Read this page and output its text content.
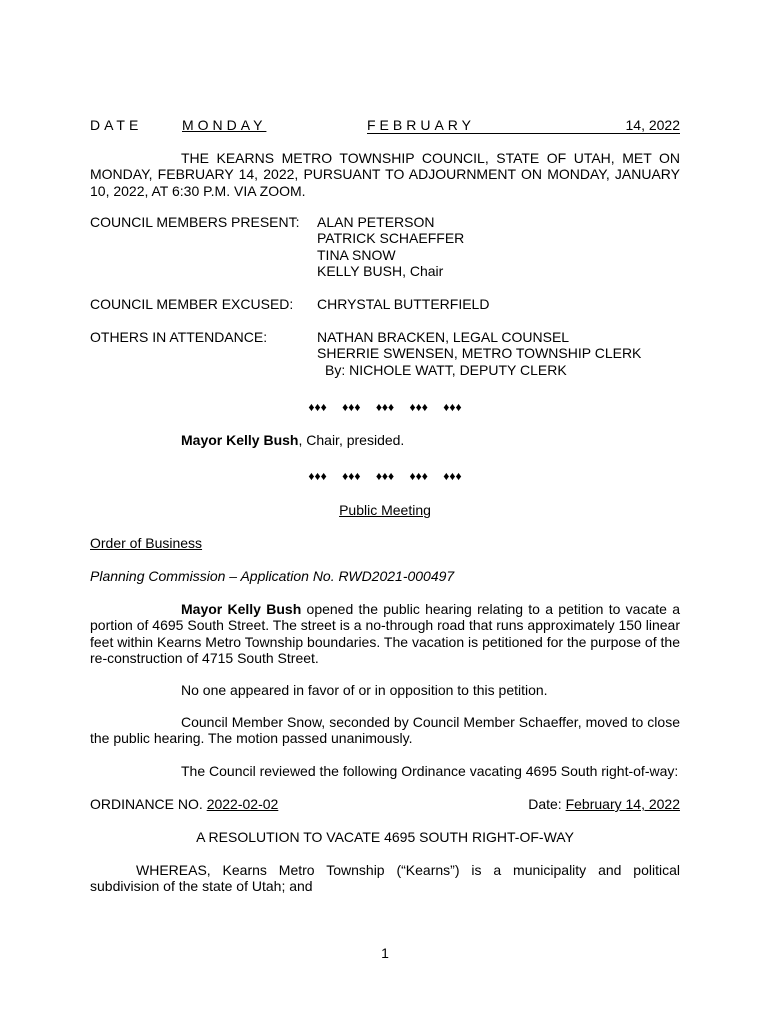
DATE	MONDAY	FEBRUARY	14, 2022
THE KEARNS METRO TOWNSHIP COUNCIL, STATE OF UTAH, MET ON MONDAY, FEBRUARY 14, 2022, PURSUANT TO ADJOURNMENT ON MONDAY, JANUARY 10, 2022, AT 6:30 P.M. VIA ZOOM.
COUNCIL MEMBERS PRESENT:	ALAN PETERSON
PATRICK SCHAEFFER
TINA SNOW
KELLY BUSH, Chair
COUNCIL MEMBER EXCUSED:	CHRYSTAL BUTTERFIELD
OTHERS IN ATTENDANCE:	NATHAN BRACKEN, LEGAL COUNSEL
SHERRIE SWENSEN, METRO TOWNSHIP CLERK
By: NICHOLE WATT, DEPUTY CLERK
♦♦♦ ♦♦♦ ♦♦♦ ♦♦♦ ♦♦♦
Mayor Kelly Bush, Chair, presided.
♦♦♦ ♦♦♦ ♦♦♦ ♦♦♦ ♦♦♦
Public Meeting
Order of Business
Planning Commission – Application No. RWD2021-000497
Mayor Kelly Bush opened the public hearing relating to a petition to vacate a portion of 4695 South Street. The street is a no-through road that runs approximately 150 linear feet within Kearns Metro Township boundaries. The vacation is petitioned for the purpose of the re-construction of 4715 South Street.
No one appeared in favor of or in opposition to this petition.
Council Member Snow, seconded by Council Member Schaeffer, moved to close the public hearing. The motion passed unanimously.
The Council reviewed the following Ordinance vacating 4695 South right-of-way:
ORDINANCE NO. 2022-02-02	Date: February 14, 2022
A RESOLUTION TO VACATE 4695 SOUTH RIGHT-OF-WAY
WHEREAS, Kearns Metro Township (“Kearns”) is a municipality and political subdivision of the state of Utah; and
1
